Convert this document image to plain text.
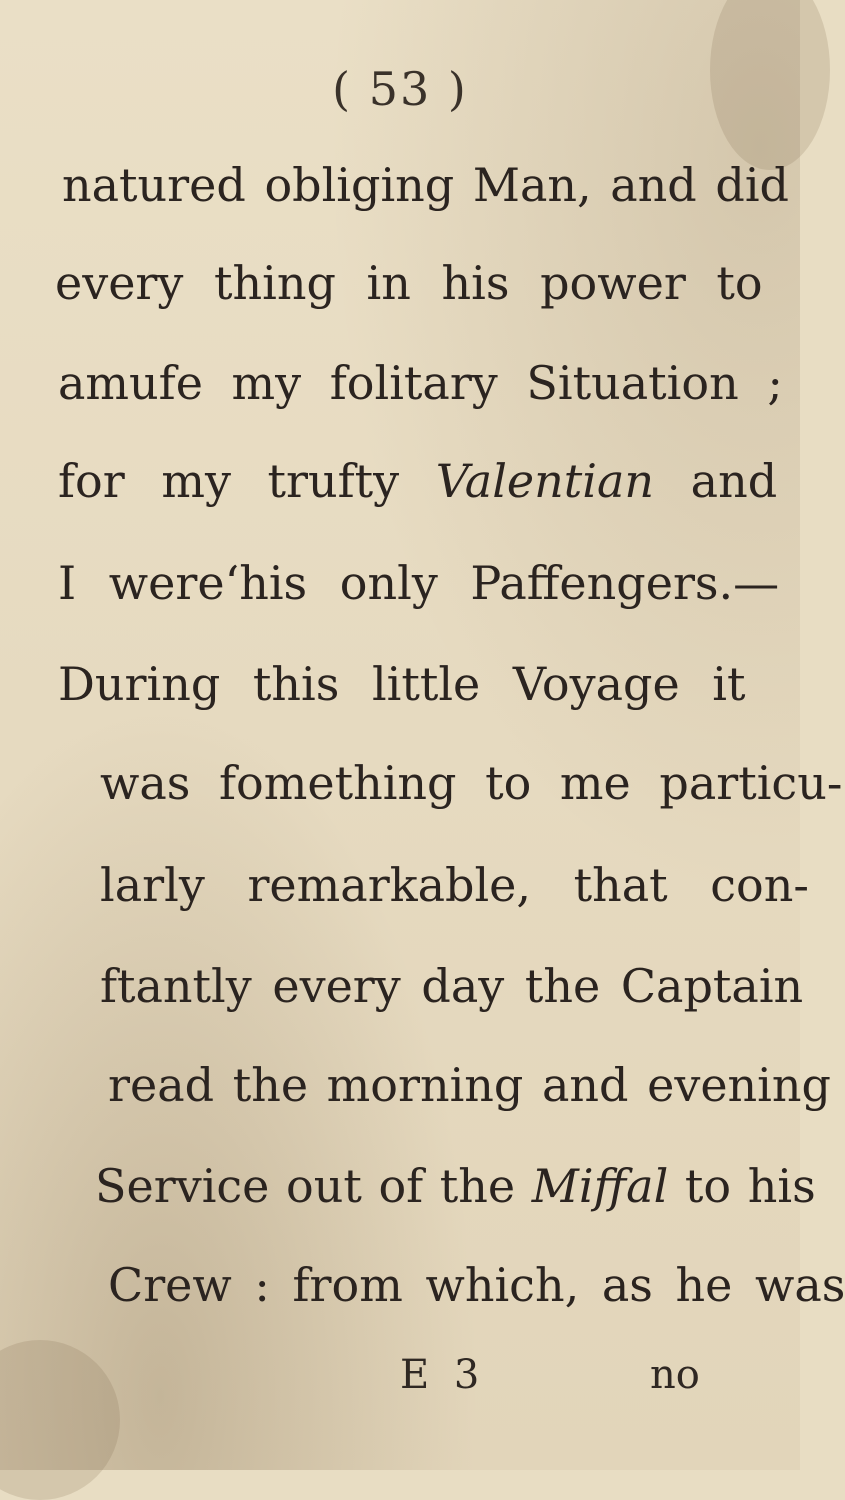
( 53 )
natured obliging Man, and did
every thing in his power to
amufe my folitary Situation ;
for my trufty Valentian and
I were‘his only Paffengers.—
During this little Voyage it
was fomething to me particu-
larly remarkable, that con-
ftantly every day the Captain
read the morning and evening
Service out of the Miffal to his
Crew : from which, as he was
E 3	no
